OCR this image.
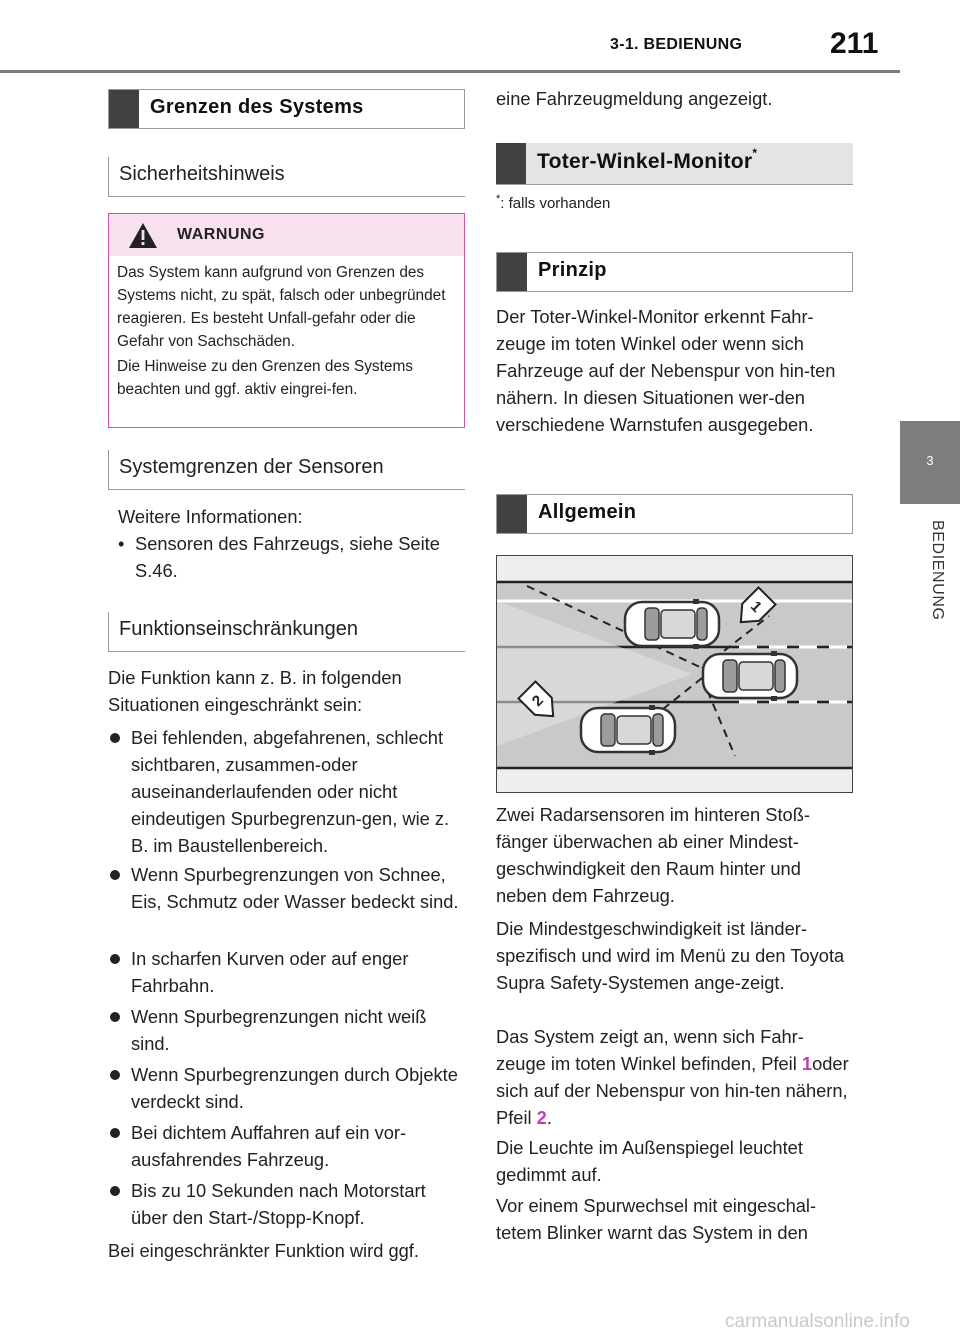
3-1. BEDIENUNG	211
3
BEDIENUNG
Grenzen des Systems
Sicherheitshinweis
WARNUNG

Das System kann aufgrund von Grenzen des Systems nicht, zu spät, falsch oder unbegründet reagieren. Es besteht Unfall-gefahr oder die Gefahr von Sachschäden.

Die Hinweise zu den Grenzen des Systems beachten und ggf. aktiv eingrei-fen.

Systemgrenzen der Sensoren

Weitere Informationen:

• Sensoren des Fahrzeugs, siehe Seite S.46.
Funktionseinschränkungen

Die Funktion kann z. B. in folgenden Situationen eingeschränkt sein:

Bei fehlenden, abgefahrenen, schlecht sichtbaren, zusammen-oder auseinanderlaufenden oder nicht eindeutigen Spurbegrenzun-gen, wie z. B. im Baustellenbereich.
Wenn Spurbegrenzungen von Schnee, Eis, Schmutz oder Wasser bedeckt sind.
In scharfen Kurven oder auf enger Fahrbahn.
Wenn Spurbegrenzungen nicht weiß sind.
Wenn Spurbegrenzungen durch Objekte verdeckt sind.
Bei dichtem Auffahren auf ein vor-ausfahrendes Fahrzeug.
Bis zu 10 Sekunden nach Motorstart über den Start-/Stopp-Knopf.

Bei eingeschränkter Funktion wird ggf.

eine Fahrzeugmeldung angezeigt.

Toter-Winkel-Monitor*
*: falls vorhanden
Prinzip

Der Toter-Winkel-Monitor erkennt Fahr-zeuge im toten Winkel oder wenn sich Fahrzeuge auf der Nebenspur von hin-ten nähern. In diesen Situationen wer-den verschiedene Warnstufen ausgegeben.

Allgemein
1
2

Zwei Radarsensoren im hinteren Stoß-fänger überwachen ab einer Mindest-geschwindigkeit den Raum hinter und neben dem Fahrzeug.

Die Mindestgeschwindigkeit ist länder-spezifisch und wird im Menü zu den Toyota Supra Safety-Systemen ange-zeigt.

Das System zeigt an, wenn sich Fahr-zeuge im toten Winkel befinden, Pfeil 1oder sich auf der Nebenspur von hin-ten nähern, Pfeil 2.

Die Leuchte im Außenspiegel leuchtet gedimmt auf.

Vor einem Spurwechsel mit eingeschal-tetem Blinker warnt das System in den

carmanualsonline.info
